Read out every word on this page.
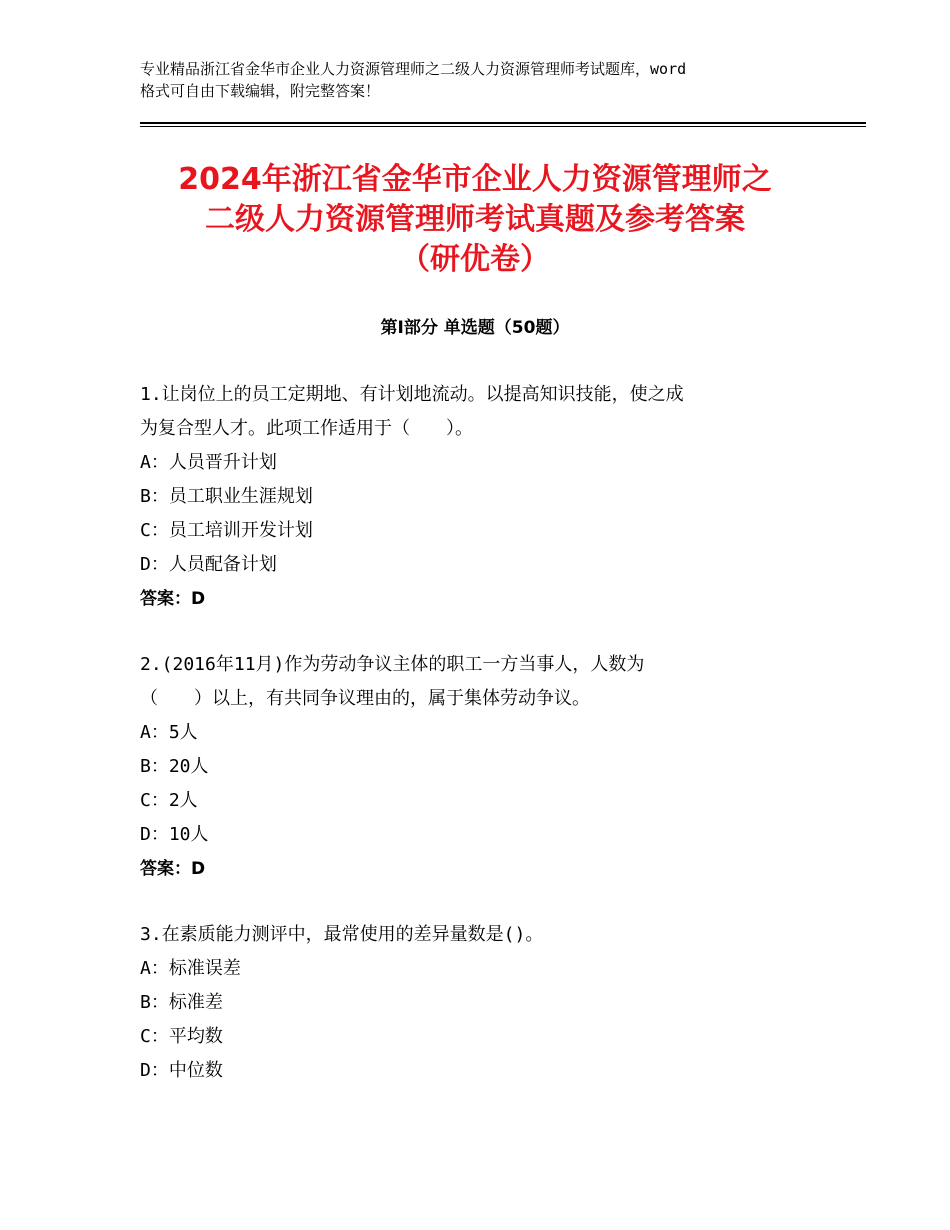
专业精品浙江省金华市企业人力资源管理师之二级人力资源管理师考试题库，word
格式可自由下载编辑，附完整答案！
2024年浙江省金华市企业人力资源管理师之
二级人力资源管理师考试真题及参考答案
（研优卷）
第Ⅰ部分 单选题（50题）
1.让岗位上的员工定期地、有计划地流动。以提高知识技能，使之成
为复合型人才。此项工作适用于（　　）。
A：人员晋升计划
B：员工职业生涯规划
C：员工培训开发计划
D：人员配备计划
答案：D
2.(2016年11月)作为劳动争议主体的职工一方当事人，人数为
（　　）以上，有共同争议理由的，属于集体劳动争议。
A：5人
B：20人
C：2人
D：10人
答案：D
3.在素质能力测评中，最常使用的差异量数是()。
A：标准误差
B：标准差
C：平均数
D：中位数
